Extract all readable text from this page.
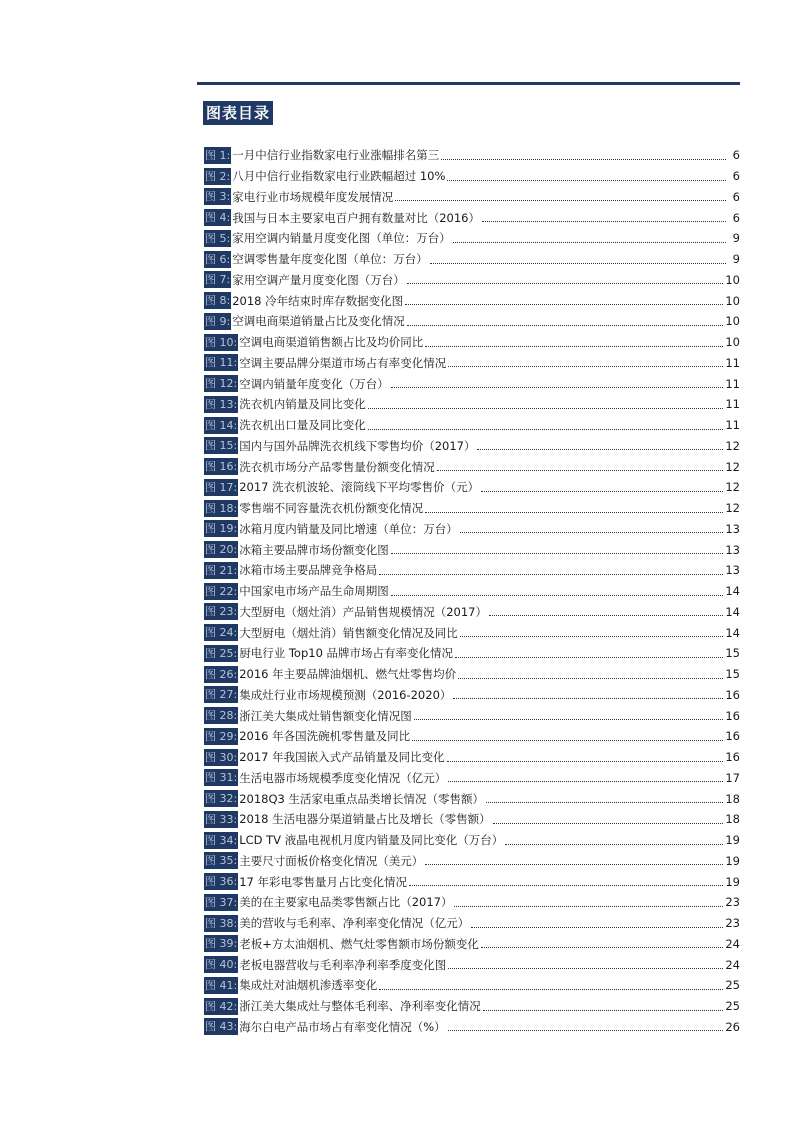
图表目录
图 1: 一月中信行业指数家电行业涨幅排名第三	6
图 2: 八月中信行业指数家电行业跌幅超过 10%	6
图 3: 家电行业市场规模年度发展情况	6
图 4: 我国与日本主要家电百户拥有数量对比（2016）	6
图 5: 家用空调内销量月度变化图（单位：万台）	9
图 6: 空调零售量年度变化图（单位：万台）	9
图 7: 家用空调产量月度变化图（万台）	10
图 8: 2018 冷年结束时库存数据变化图	10
图 9: 空调电商渠道销量占比及变化情况	10
图 10: 空调电商渠道销售额占比及均价同比	10
图 11: 空调主要品牌分渠道市场占有率变化情况	11
图 12: 空调内销量年度变化（万台）	11
图 13: 洗衣机内销量及同比变化	11
图 14: 洗衣机出口量及同比变化	11
图 15: 国内与国外品牌洗衣机线下零售均价（2017）	12
图 16: 洗衣机市场分产品零售量份额变化情况	12
图 17: 2017 洗衣机波轮、滚筒线下平均零售价（元）	12
图 18: 零售端不同容量洗衣机份额变化情况	12
图 19: 冰箱月度内销量及同比增速（单位：万台）	13
图 20: 冰箱主要品牌市场份额变化图	13
图 21: 冰箱市场主要品牌竞争格局	13
图 22: 中国家电市场产品生命周期图	14
图 23: 大型厨电（烟灶消）产品销售规模情况（2017）	14
图 24: 大型厨电（烟灶消）销售额变化情况及同比	14
图 25: 厨电行业 Top10 品牌市场占有率变化情况	15
图 26: 2016 年主要品牌油烟机、燃气灶零售均价	15
图 27: 集成灶行业市场规模预测（2016-2020）	16
图 28: 浙江美大集成灶销售额变化情况图	16
图 29: 2016 年各国洗碗机零售量及同比	16
图 30: 2017 年我国嵌入式产品销量及同比变化	16
图 31: 生活电器市场规模季度变化情况（亿元）	17
图 32: 2018Q3 生活家电重点品类增长情况（零售额）	18
图 33: 2018 生活电器分渠道销量占比及增长（零售额）	18
图 34: LCD TV 液晶电视机月度内销量及同比变化（万台）	19
图 35: 主要尺寸面板价格变化情况（美元）	19
图 36: 17 年彩电零售量月占比变化情况	19
图 37: 美的在主要家电品类零售额占比（2017）	23
图 38: 美的营收与毛利率、净利率变化情况（亿元）	23
图 39: 老板+方太油烟机、燃气灶零售额市场份额变化	24
图 40: 老板电器营收与毛利率净利率季度变化图	24
图 41: 集成灶对油烟机渗透率变化	25
图 42: 浙江美大集成灶与整体毛利率、净利率变化情况	25
图 43: 海尔白电产品市场占有率变化情况（%）	26
